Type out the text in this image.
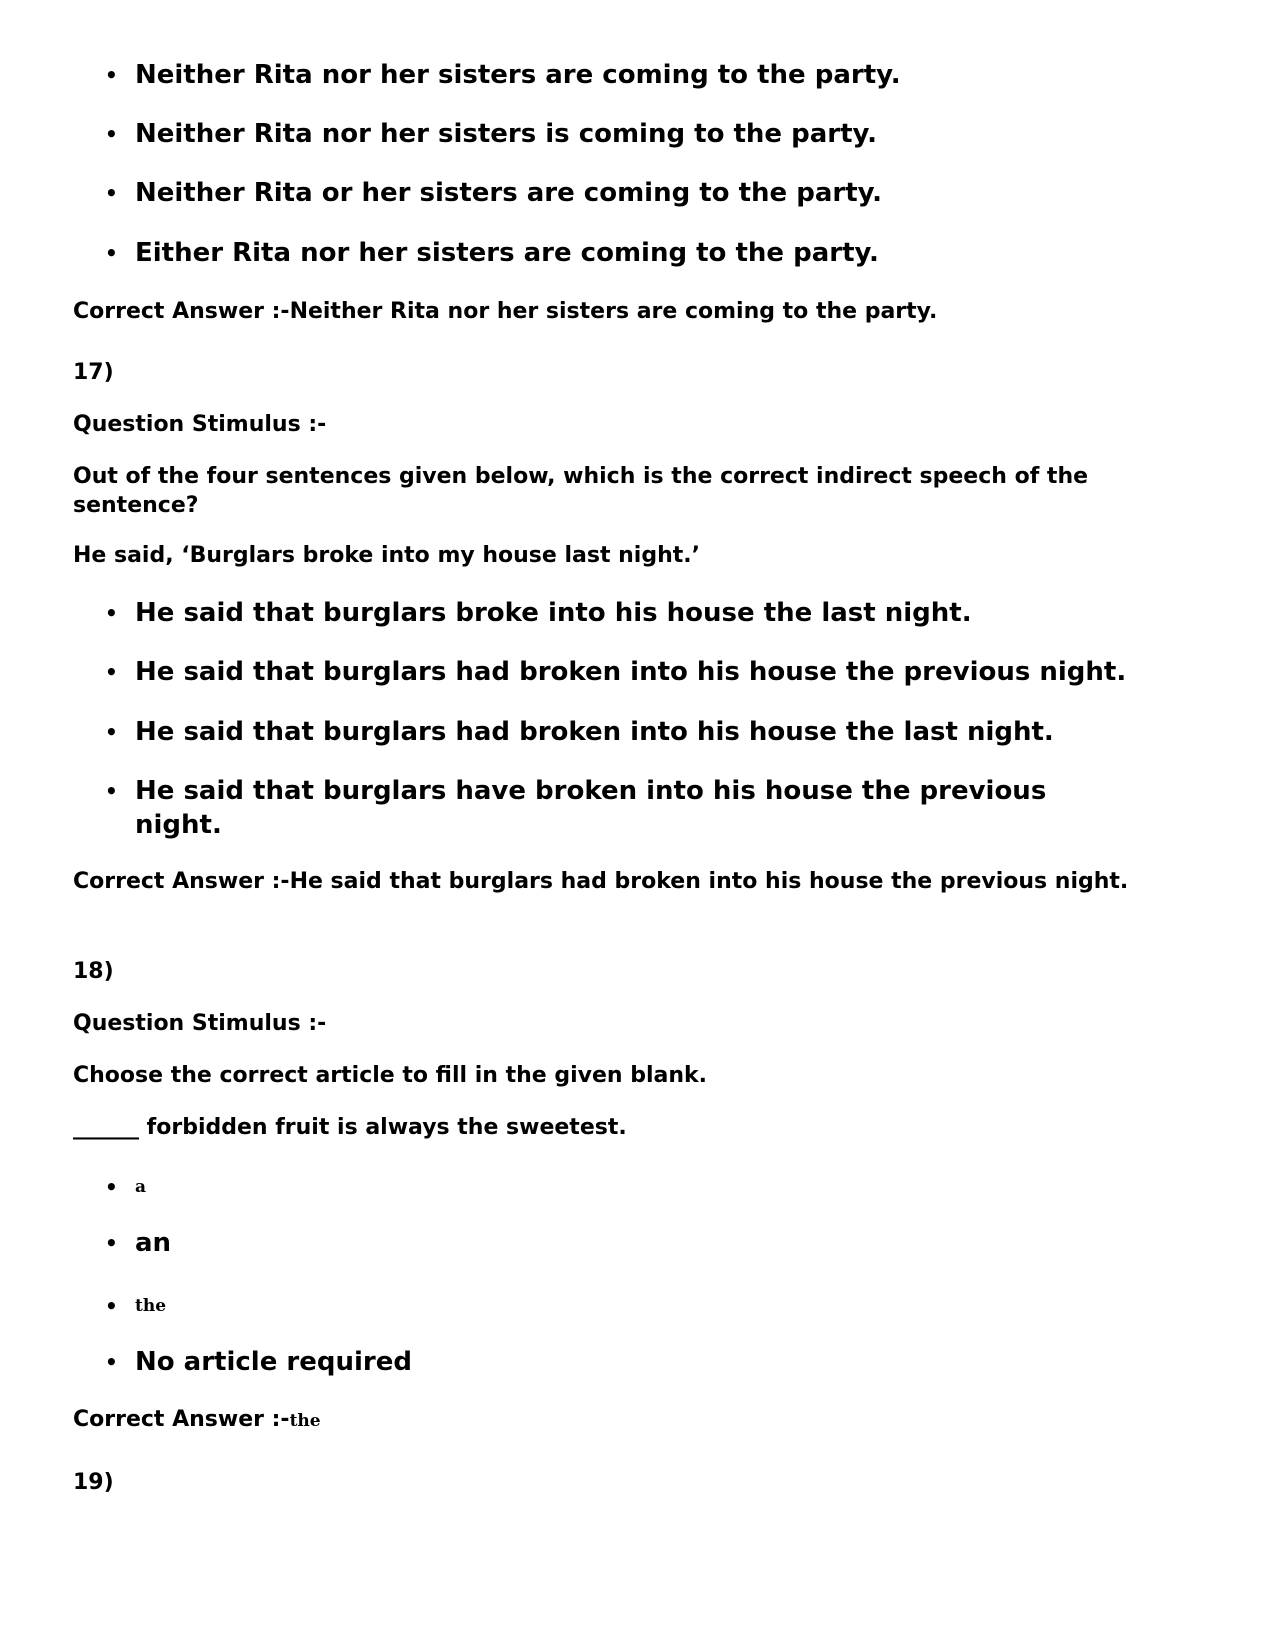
• Neither Rita nor her sisters are coming to the party.
• Neither Rita nor her sisters is coming to the party.
• Neither Rita or her sisters are coming to the party.
• Either Rita nor her sisters are coming to the party.
Correct Answer :-Neither Rita nor her sisters are coming to the party.
17)
Question Stimulus :-
Out of the four sentences given below, which is the correct indirect speech of the sentence?
He said, ‘Burglars broke into my house last night.’
• He said that burglars broke into his house the last night.
• He said that burglars had broken into his house the previous night.
• He said that burglars had broken into his house the last night.
• He said that burglars have broken into his house the previous night.
Correct Answer :-He said that burglars had broken into his house the previous night.
18)
Question Stimulus :-
Choose the correct article to fill in the given blank.
______ forbidden fruit is always the sweetest.
• a
• an
• the
• No article required
Correct Answer :-the
19)
